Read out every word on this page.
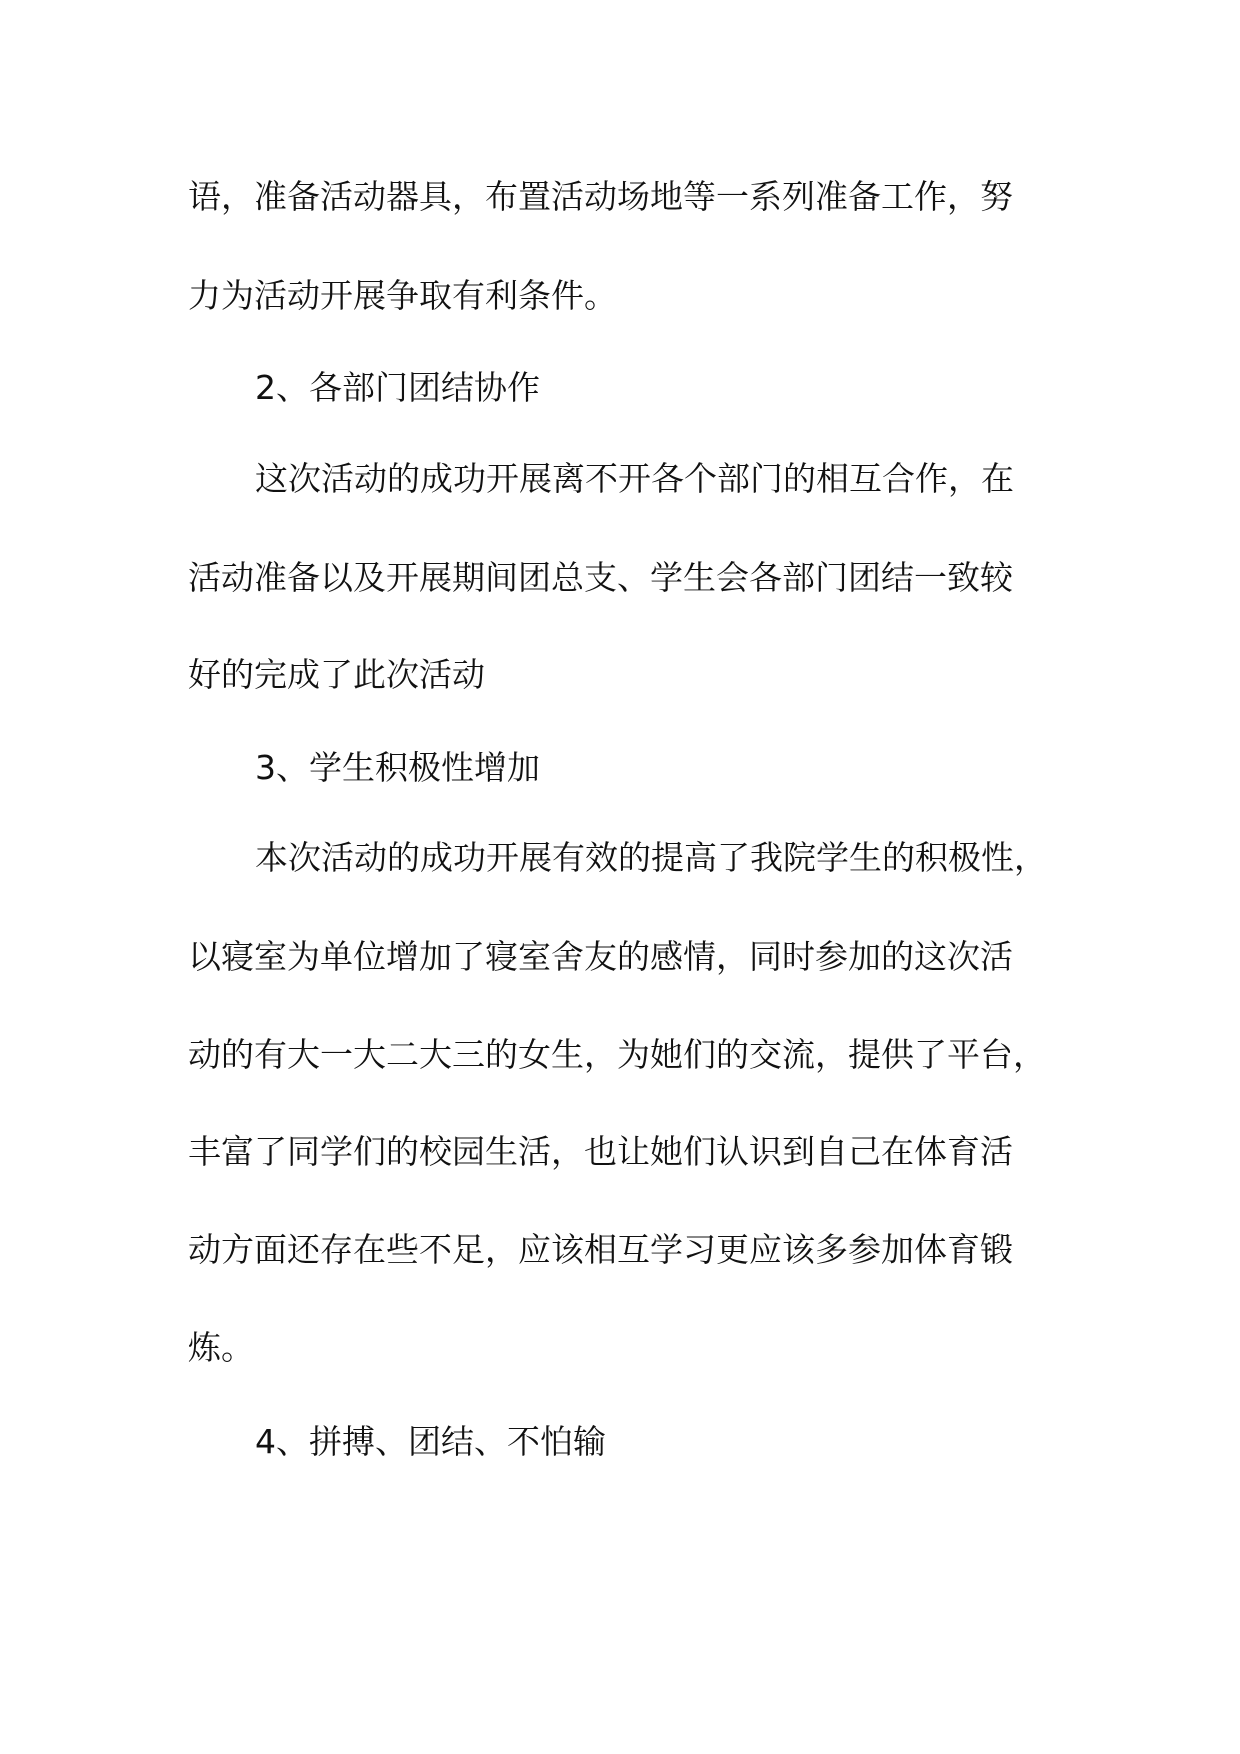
语，准备活动器具，布置活动场地等一系列准备工作，努
力为活动开展争取有利条件。
2、各部门团结协作
这次活动的成功开展离不开各个部门的相互合作，在
活动准备以及开展期间团总支、学生会各部门团结一致较
好的完成了此次活动
3、学生积极性增加
本次活动的成功开展有效的提高了我院学生的积极性，
以寝室为单位增加了寝室舍友的感情，同时参加的这次活
动的有大一大二大三的女生，为她们的交流，提供了平台，
丰富了同学们的校园生活，也让她们认识到自己在体育活
动方面还存在些不足，应该相互学习更应该多参加体育锻
炼。
4、拼搏、团结、不怕输
